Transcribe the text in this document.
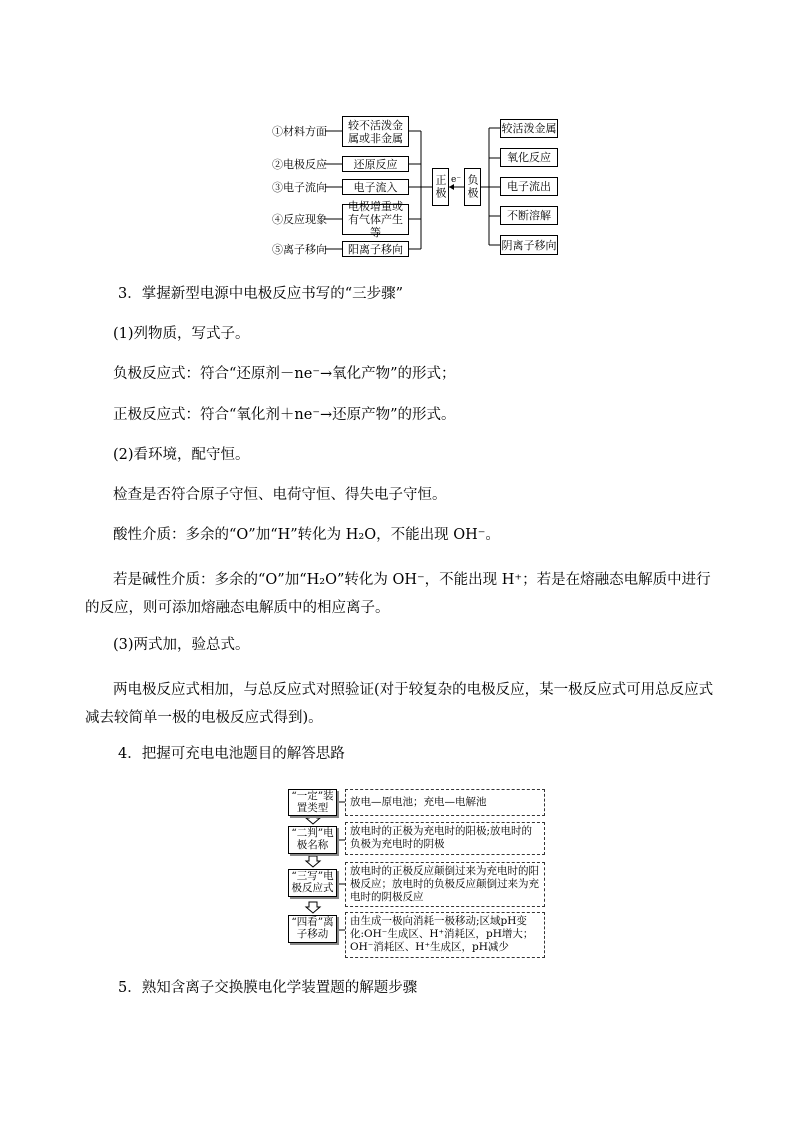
①材料方面
②电极反应
③电子流向
④反应现象
⑤离子移向
较不活泼金属或非金属
还原反应
电子流入
电极增重或有气体产生等
阳离子移向
正极 e⁻ 负极
较活泼金属
氧化反应
电子流出
不断溶解
阴离子移向
3．掌握新型电源中电极反应书写的“三步骤”
(1)列物质，写式子。
负极反应式：符合“还原剂－ne⁻→氧化产物”的形式；
正极反应式：符合“氧化剂＋ne⁻→还原产物”的形式。
(2)看环境，配守恒。
检查是否符合原子守恒、电荷守恒、得失电子守恒。
酸性介质：多余的“O”加“H”转化为 H₂O，不能出现 OH⁻。
若是碱性介质：多余的“O”加“H₂O”转化为 OH⁻，不能出现 H⁺；若是在熔融态电解质中进行的反应，则可添加熔融态电解质中的相应离子。
(3)两式加，验总式。
两电极反应式相加，与总反应式对照验证(对于较复杂的电极反应，某一极反应式可用总反应式减去较简单一极的电极反应式得到)。
4．把握可充电电池题目的解答思路
“一定”装置类型	放电—原电池；充电—电解池
“二判”电极名称
放电时的正极为充电时的阳极;放电时的负极为充电时的阴极
“三写”电极反应式
放电时的正极反应颠倒过来为充电时的阳极反应；放电时的负极反应颠倒过来为充电时的阴极反应
“四看”离子移动
由生成一极向消耗一极移动;区域pH变化:OH⁻生成区、H⁺消耗区，pH增大；OH⁻消耗区、H⁺生成区，pH减少
5．熟知含离子交换膜电化学装置题的解题步骤
